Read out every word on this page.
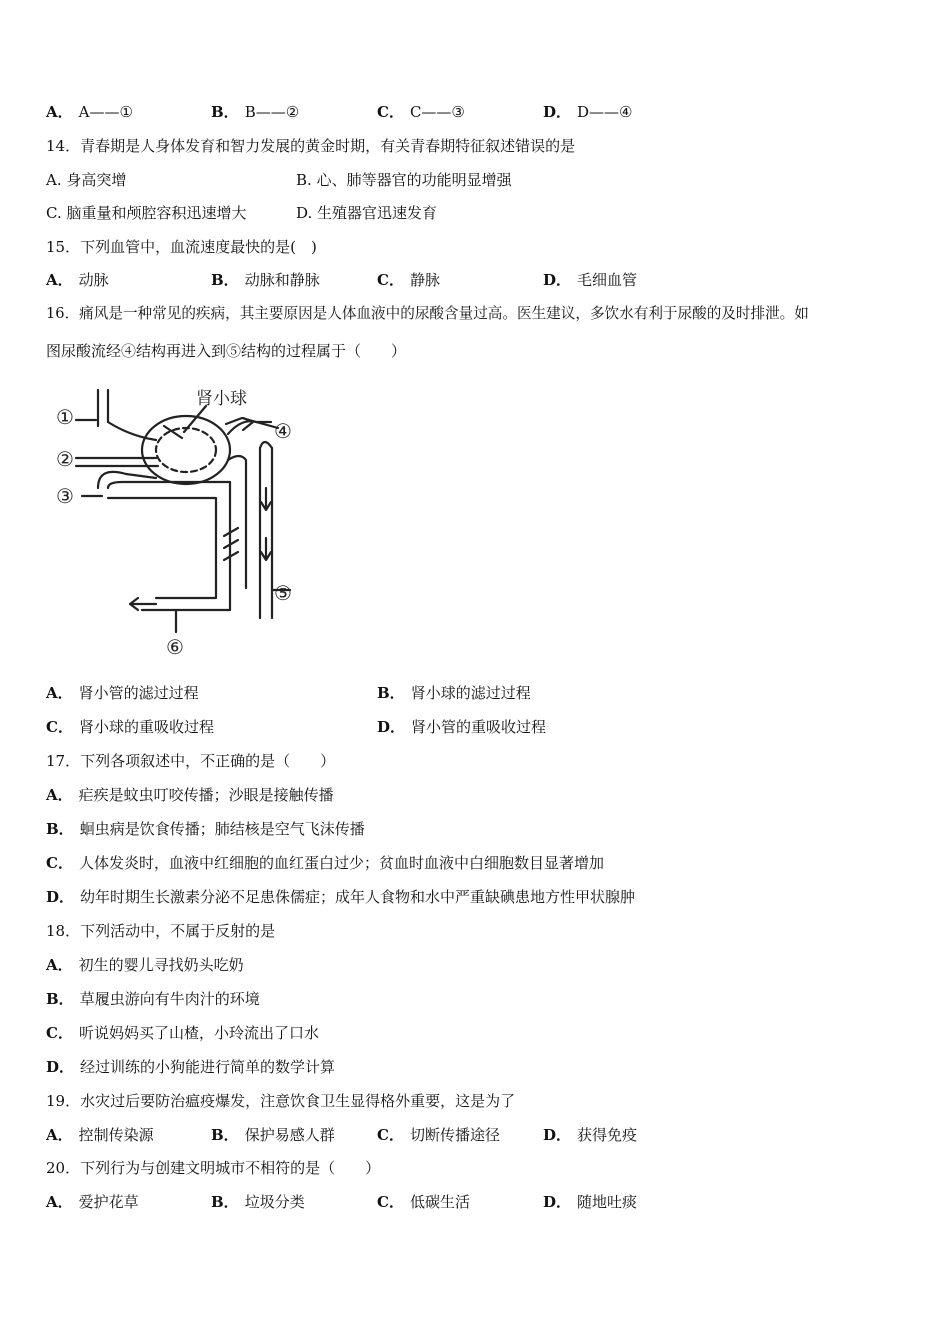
A． A——①	B． B——②	C． C——③	D． D——④
14．青春期是人身体发育和智力发展的黄金时期，有关青春期特征叙述错误的是
A. 身高突增	B. 心、肺等器官的功能明显增强
C. 脑重量和颅腔容积迅速增大	D. 生殖器官迅速发育
15．下列血管中，血流速度最快的是(　)
A． 动脉	B． 动脉和静脉	C． 静脉	D． 毛细血管
16．痛风是一种常见的疾病，其主要原因是人体血液中的尿酸含量过高。医生建议，多饮水有利于尿酸的及时排泄。如
图尿酸流经④结构再进入到⑤结构的过程属于（　　）
肾小球
①
②
③
④
⑤
⑥
A． 肾小管的滤过过程	B． 肾小球的滤过过程
C． 肾小球的重吸收过程	D． 肾小管的重吸收过程
17．下列各项叙述中，不正确的是（　　）
A． 疟疾是蚊虫叮咬传播；沙眼是接触传播
B． 蛔虫病是饮食传播；肺结核是空气飞沫传播
C． 人体发炎时，血液中红细胞的血红蛋白过少；贫血时血液中白细胞数目显著增加
D． 幼年时期生长激素分泌不足患侏儒症；成年人食物和水中严重缺碘患地方性甲状腺肿
18．下列活动中，不属于反射的是
A． 初生的婴儿寻找奶头吃奶
B． 草履虫游向有牛肉汁的环境
C． 听说妈妈买了山楂，小玲流出了口水
D． 经过训练的小狗能进行简单的数学计算
19．水灾过后要防治瘟疫爆发，注意饮食卫生显得格外重要，这是为了
A． 控制传染源	B． 保护易感人群	C． 切断传播途径	D． 获得免疫
20．下列行为与创建文明城市不相符的是（　　）
A． 爱护花草	B． 垃圾分类	C． 低碳生活	D． 随地吐痰
